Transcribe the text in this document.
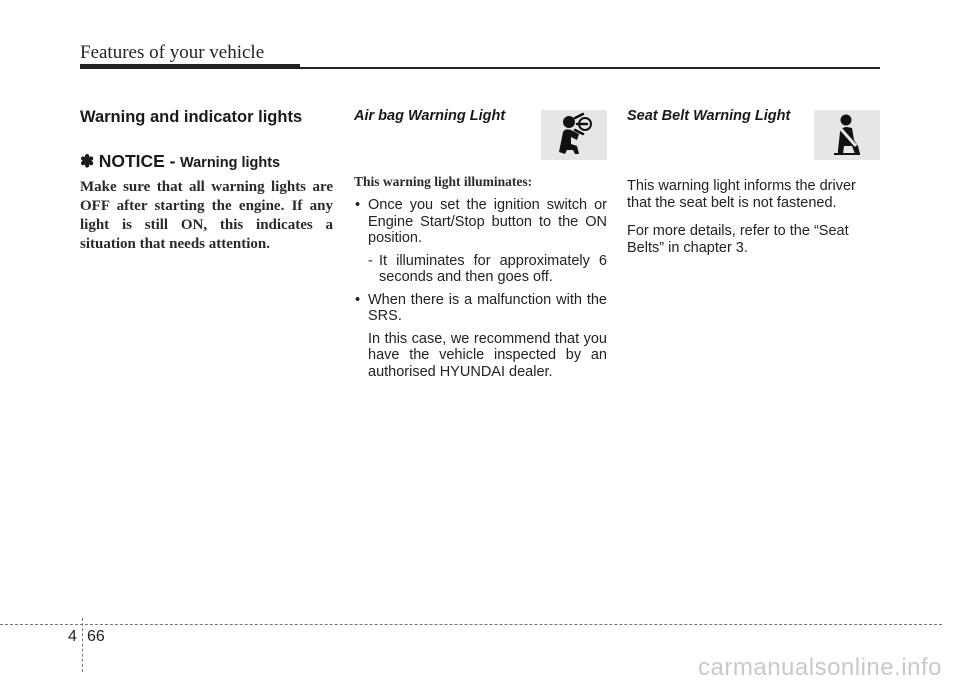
Features of your vehicle
Warning and indicator lights
✽ NOTICE - Warning lights
Make sure that all warning lights are OFF after starting the engine. If any light is still ON, this indicates a situation that needs attention.
Air bag Warning Light
This warning light illuminates:
• Once you set the ignition switch or Engine Start/Stop button to the ON position.
- It illuminates for approximately 6 seconds and then goes off.
• When there is a malfunction with the SRS.
In this case, we recommend that you have the vehicle inspected by an authorised HYUNDAI dealer.
Seat Belt Warning Light
This warning light informs the driver that the seat belt is not fastened.
For more details, refer to the “Seat Belts” in chapter 3.
4 66
carmanualsonline.info
